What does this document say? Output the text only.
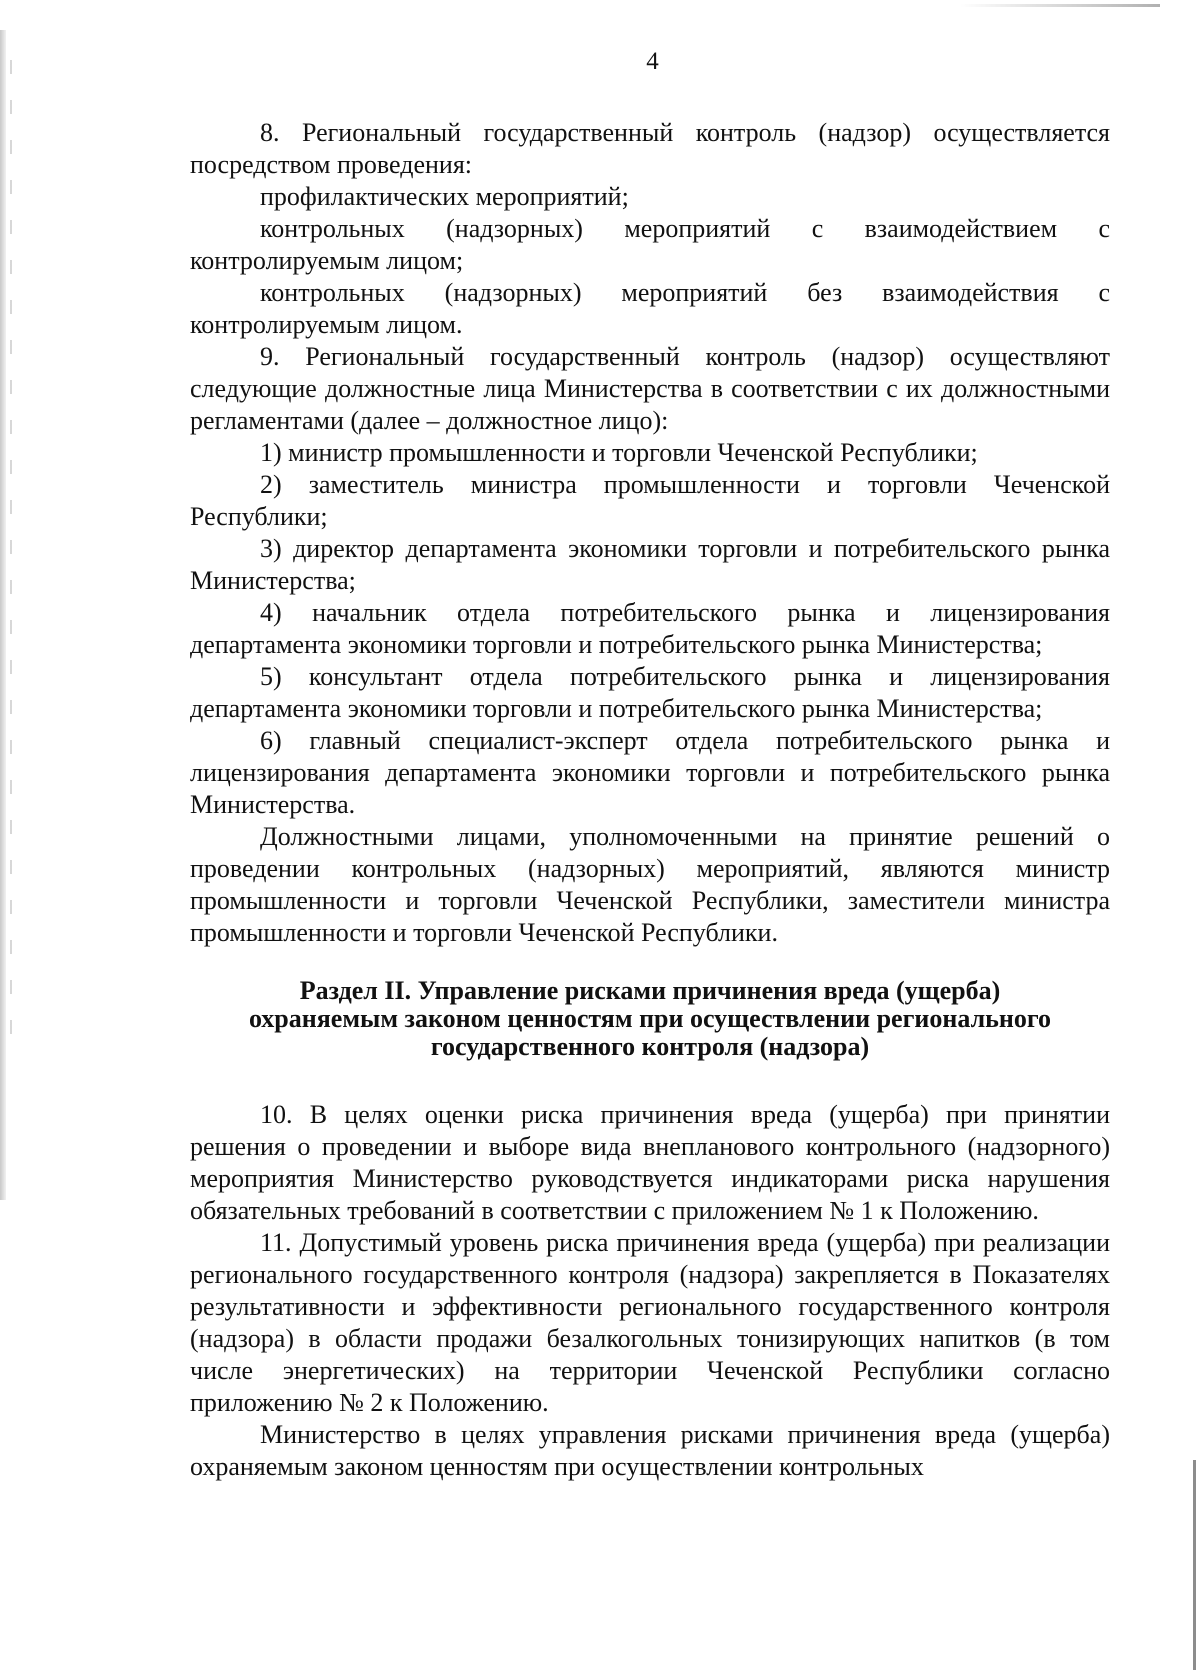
4

8. Региональный государственный контроль (надзор) осуществляется посредством проведения:

профилактических мероприятий;

контрольных (надзорных) мероприятий с взаимодействием с контролируемым лицом;

контрольных (надзорных) мероприятий без взаимодействия с контролируемым лицом.

9. Региональный государственный контроль (надзор) осуществляют следующие должностные лица Министерства в соответствии с их должностными регламентами (далее – должностное лицо):

1) министр промышленности и торговли Чеченской Республики;

2) заместитель министра промышленности и торговли Чеченской Республики;

3) директор департамента экономики торговли и потребительского рынка Министерства;

4) начальник отдела потребительского рынка и лицензирования департамента экономики торговли и потребительского рынка Министерства;

5) консультант отдела потребительского рынка и лицензирования департамента экономики торговли и потребительского рынка Министерства;

6) главный специалист-эксперт отдела потребительского рынка и лицензирования департамента экономики торговли и потребительского рынка Министерства.

Должностными лицами, уполномоченными на принятие решений о проведении контрольных (надзорных) мероприятий, являются министр промышленности и торговли Чеченской Республики, заместители министра промышленности и торговли Чеченской Республики.

Раздел II. Управление рисками причинения вреда (ущерба)
охраняемым законом ценностям при осуществлении регионального
государственного контроля (надзора)

10. В целях оценки риска причинения вреда (ущерба) при принятии решения о проведении и выборе вида внепланового контрольного (надзорного) мероприятия Министерство руководствуется индикаторами риска нарушения обязательных требований в соответствии с приложением № 1 к Положению.

11. Допустимый уровень риска причинения вреда (ущерба) при реализации регионального государственного контроля (надзора) закрепляется в Показателях результативности и эффективности регионального государственного контроля (надзора) в области продажи безалкогольных тонизирующих напитков (в том числе энергетических) на территории Чеченской Республики согласно приложению № 2 к Положению.

Министерство в целях управления рисками причинения вреда (ущерба) охраняемым законом ценностям при осуществлении контрольных
